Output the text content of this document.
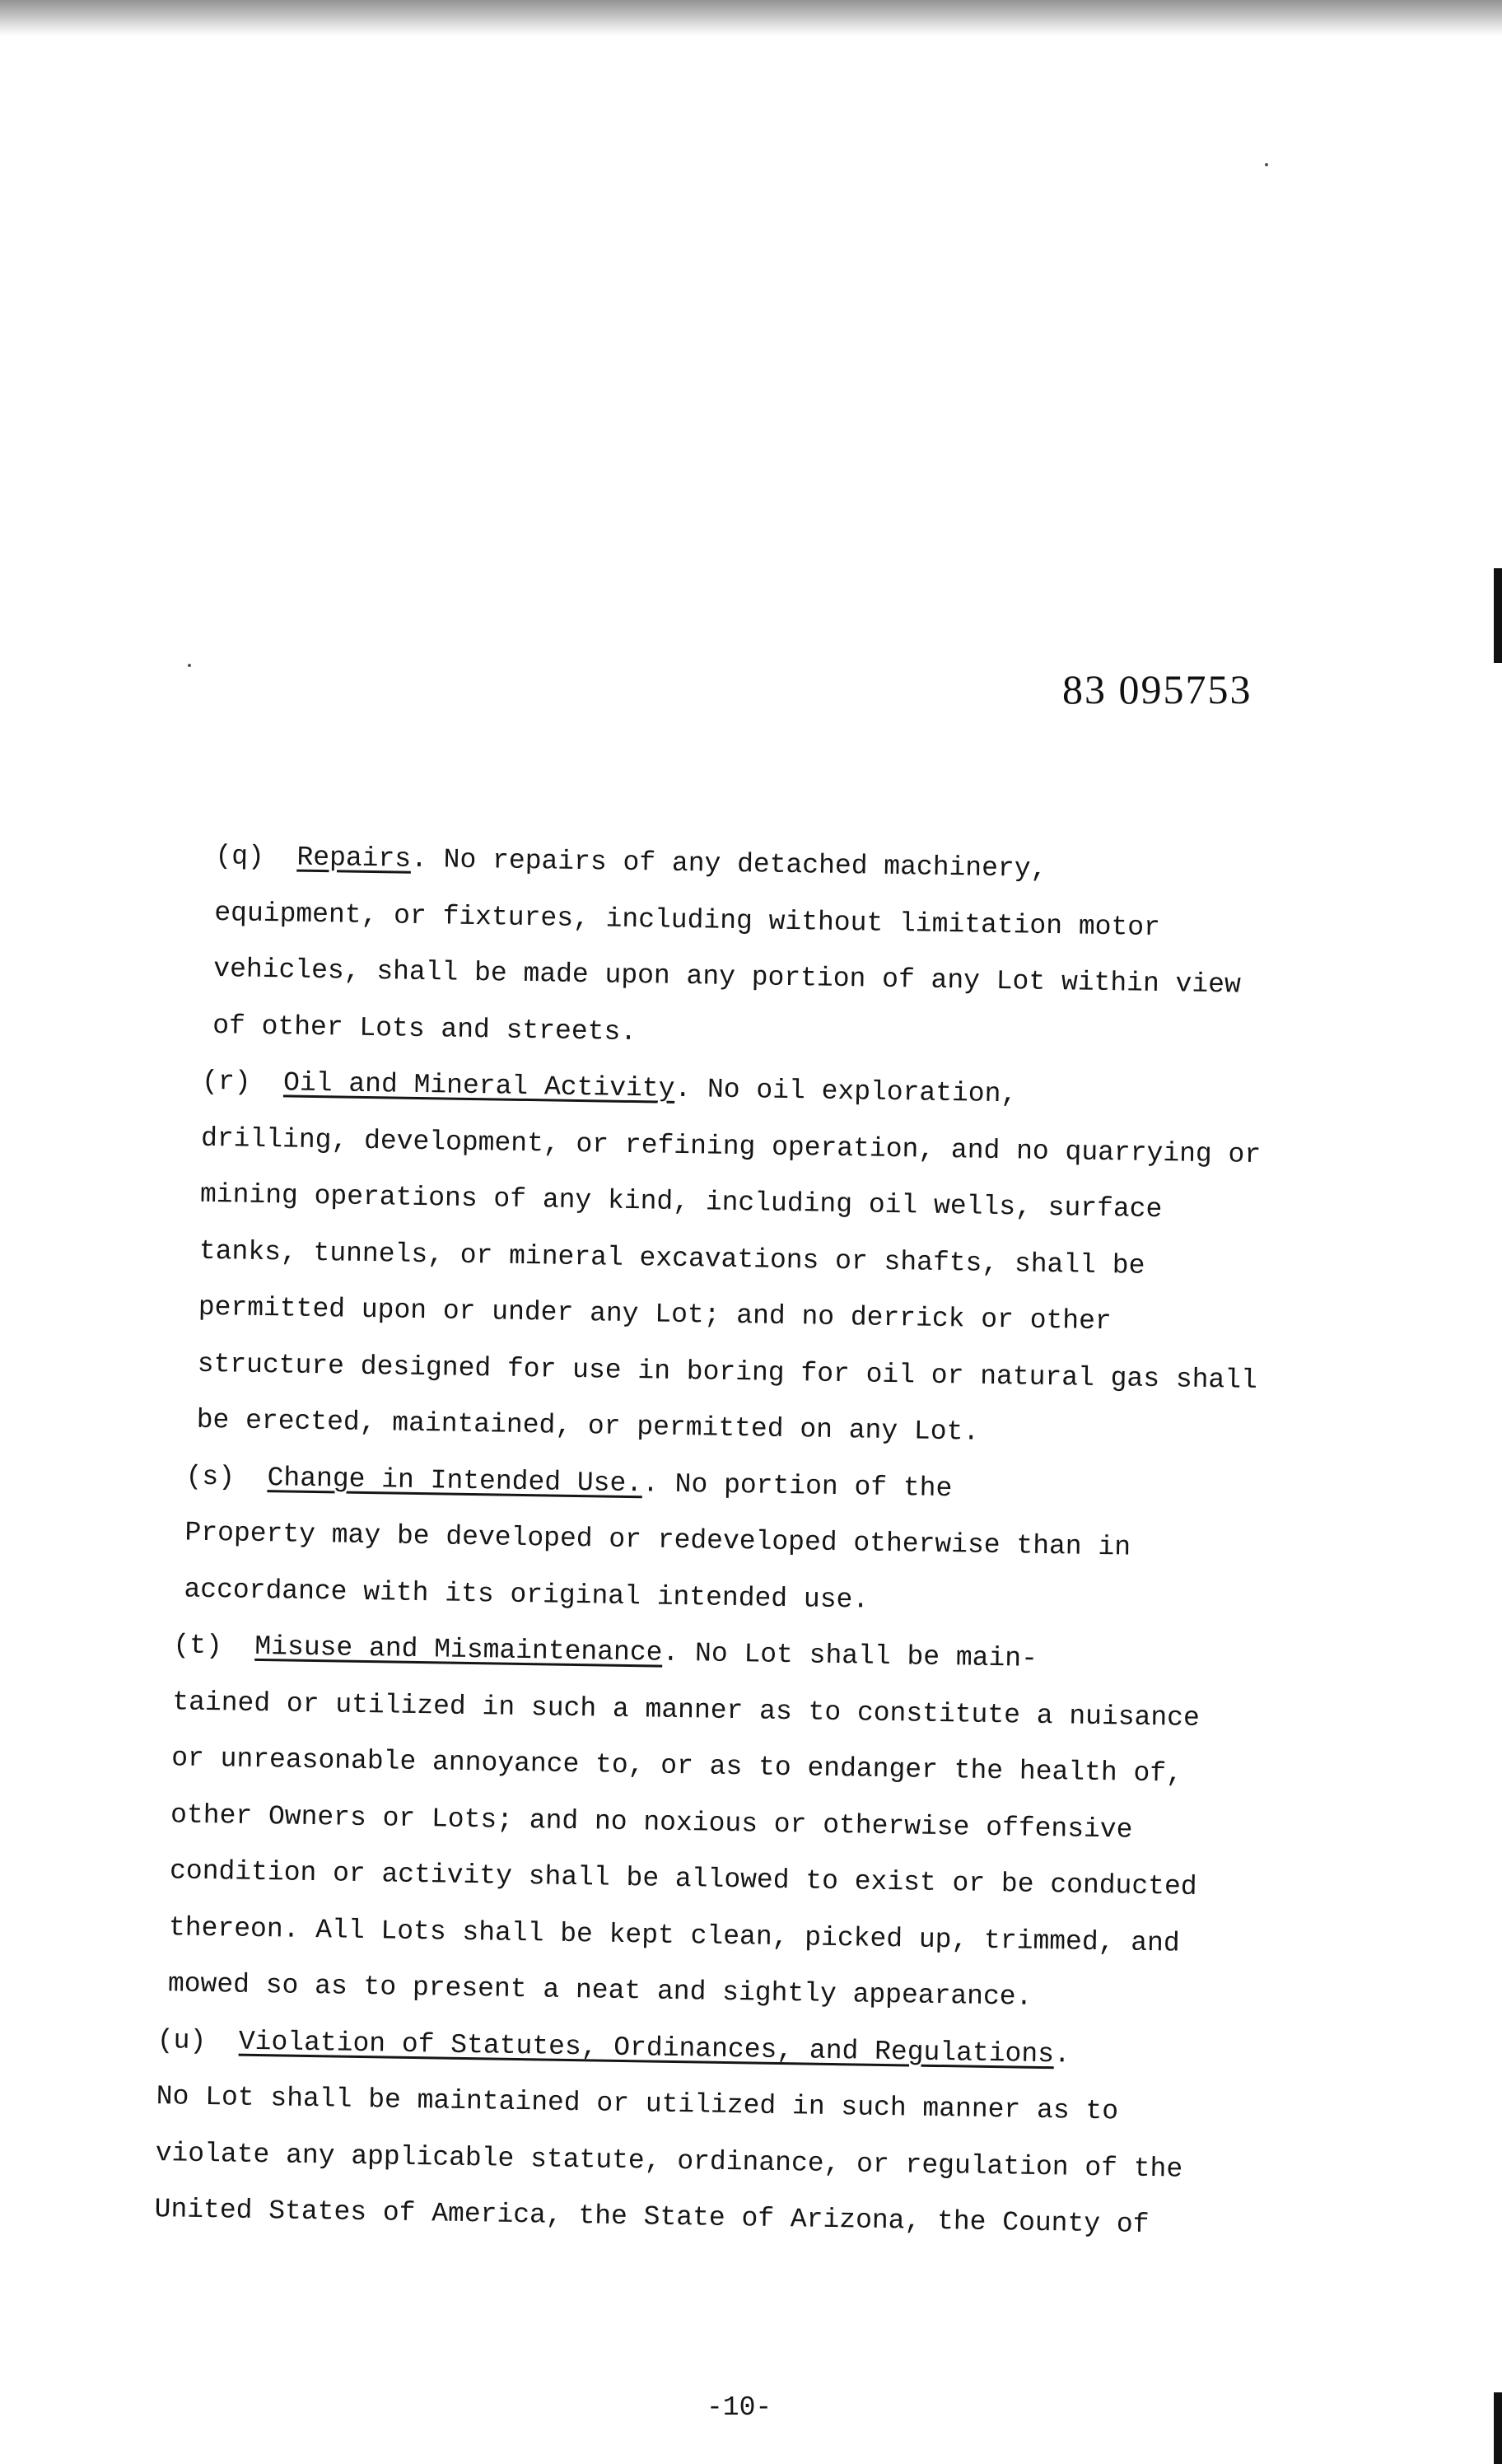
83 095753

(q) Repairs. No repairs of any detached machinery,
equipment, or fixtures, including without limitation motor
vehicles, shall be made upon any portion of any Lot within view
of other Lots and streets.

(r) Oil and Mineral Activity. No oil exploration,
drilling, development, or refining operation, and no quarrying or
mining operations of any kind, including oil wells, surface
tanks, tunnels, or mineral excavations or shafts, shall be
permitted upon or under any Lot; and no derrick or other
structure designed for use in boring for oil or natural gas shall
be erected, maintained, or permitted on any Lot.

(s) Change in Intended Use.. No portion of the
Property may be developed or redeveloped otherwise than in
accordance with its original intended use.

(t) Misuse and Mismaintenance. No Lot shall be main-
tained or utilized in such a manner as to constitute a nuisance
or unreasonable annoyance to, or as to endanger the health of,
other Owners or Lots; and no noxious or otherwise offensive
condition or activity shall be allowed to exist or be conducted
thereon. All Lots shall be kept clean, picked up, trimmed, and
mowed so as to present a neat and sightly appearance.

(u) Violation of Statutes, Ordinances, and Regulations.
No Lot shall be maintained or utilized in such manner as to
violate any applicable statute, ordinance, or regulation of the
United States of America, the State of Arizona, the County of

-10-
